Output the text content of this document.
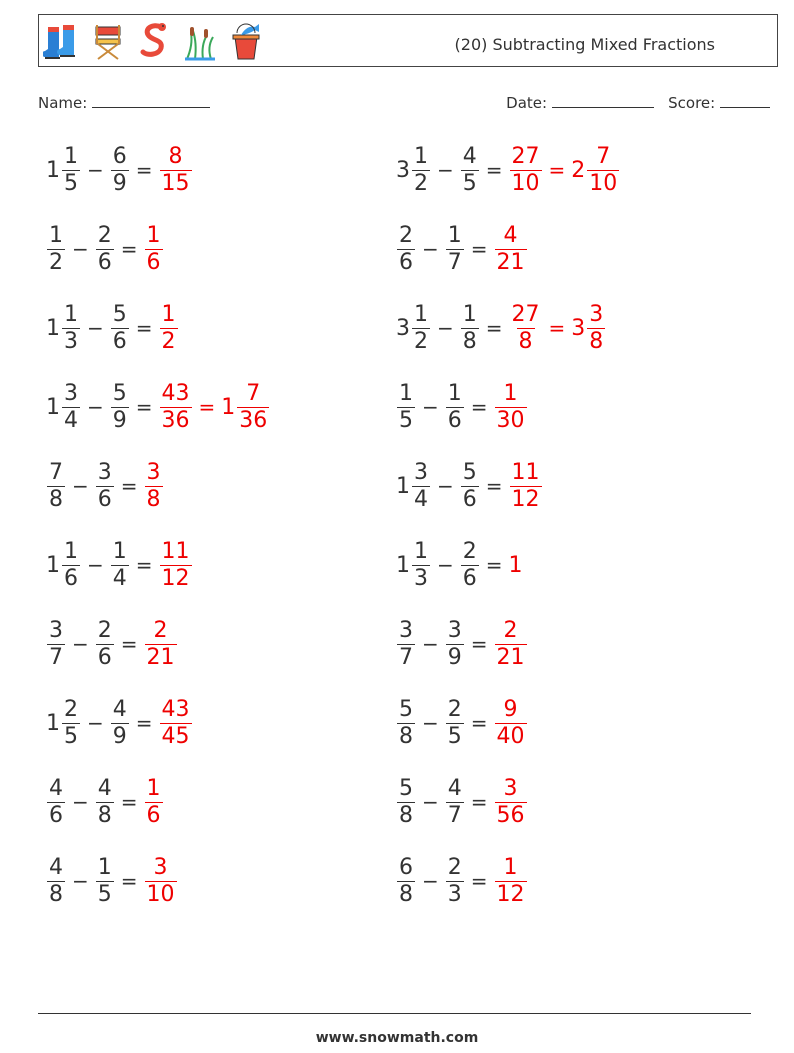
(20) Subtracting Mixed Fractions
Name:	Date:	Score:
$1 \frac{1}{5} - \frac{6}{9} = \frac{8}{15}$	$3 \frac{1}{2} - \frac{4}{5} = \frac{27}{10} = 2 \frac{7}{10}$
$\frac{1}{2} - \frac{2}{6} = \frac{1}{6}$	$\frac{2}{6} - \frac{1}{7} = \frac{4}{21}$
$1 \frac{1}{3} - \frac{5}{6} = \frac{1}{2}$	$3 \frac{1}{2} - \frac{1}{8} = \frac{27}{8} = 3 \frac{3}{8}$
$1 \frac{3}{4} - \frac{5}{9} = \frac{43}{36} = 1 \frac{7}{36}$	$\frac{1}{5} - \frac{1}{6} = \frac{1}{30}$
$\frac{7}{8} - \frac{3}{6} = \frac{3}{8}$	$1 \frac{3}{4} - \frac{5}{6} = \frac{11}{12}$
$1 \frac{1}{6} - \frac{1}{4} = \frac{11}{12}$	$1 \frac{1}{3} - \frac{2}{6} = 1$
$\frac{3}{7} - \frac{2}{6} = \frac{2}{21}$	$\frac{3}{7} - \frac{3}{9} = \frac{2}{21}$
$1 \frac{2}{5} - \frac{4}{9} = \frac{43}{45}$	$\frac{5}{8} - \frac{2}{5} = \frac{9}{40}$
$\frac{4}{6} - \frac{4}{8} = \frac{1}{6}$	$\frac{5}{8} - \frac{4}{7} = \frac{3}{56}$
$\frac{4}{8} - \frac{1}{5} = \frac{3}{10}$	$\frac{6}{8} - \frac{2}{3} = \frac{1}{12}$
www.snowmath.com
